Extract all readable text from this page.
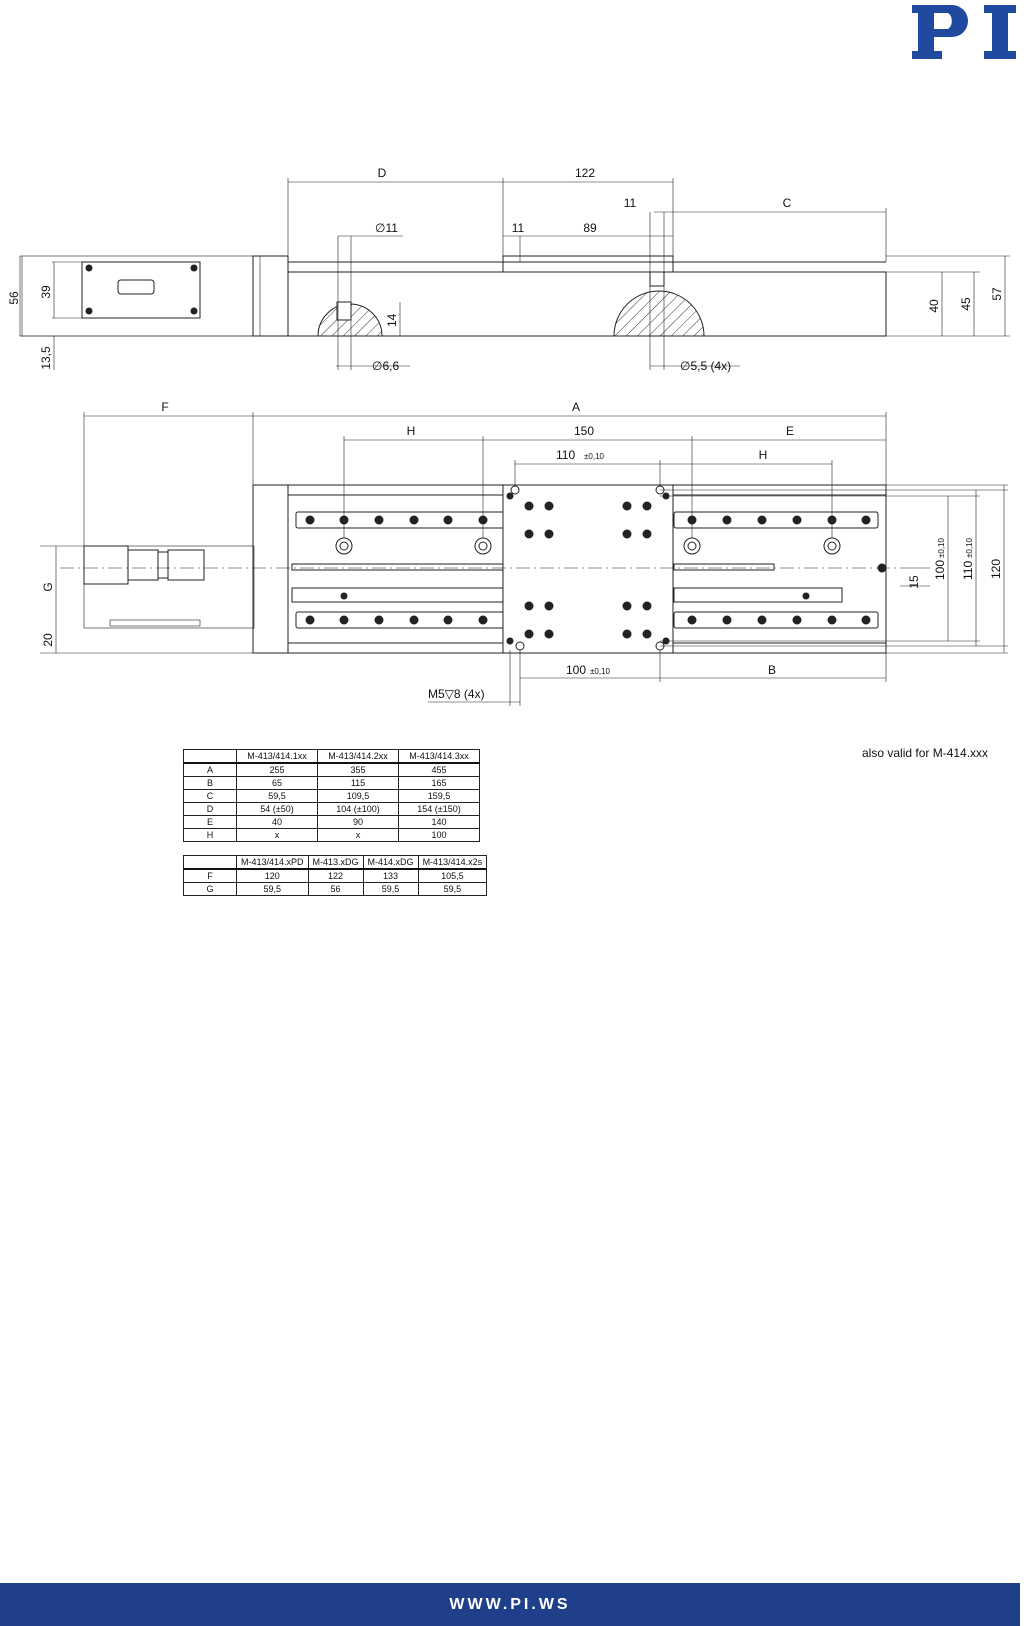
D	122
11	C
11	89
∅11
∅6,6	∅5,5 (4x)
14
56 39
13,5
40 45
57
F	A
H	150	E
110 ±0,10	H
G
20
15
100
±0,10
110
±0,10
120
100 ±0,10	B
M5▽8 (4x)
also valid for M-414.xxx
	M-413/414.1xx	M-413/414.2xx	M-413/414.3xx
A	255	355	455
B	65	115	165
C	59,5	109,5	159,5
D	54 (±50)	104 (±100)	154 (±150)
E	40	90	140
H	x	x	100
	M-413/414.xPD	M-413.xDG	M-414.xDG	M-413/414.x2s
F	120	122	133	105,5
G	59,5	56	59,5	59,5
WWW.PI.WS
